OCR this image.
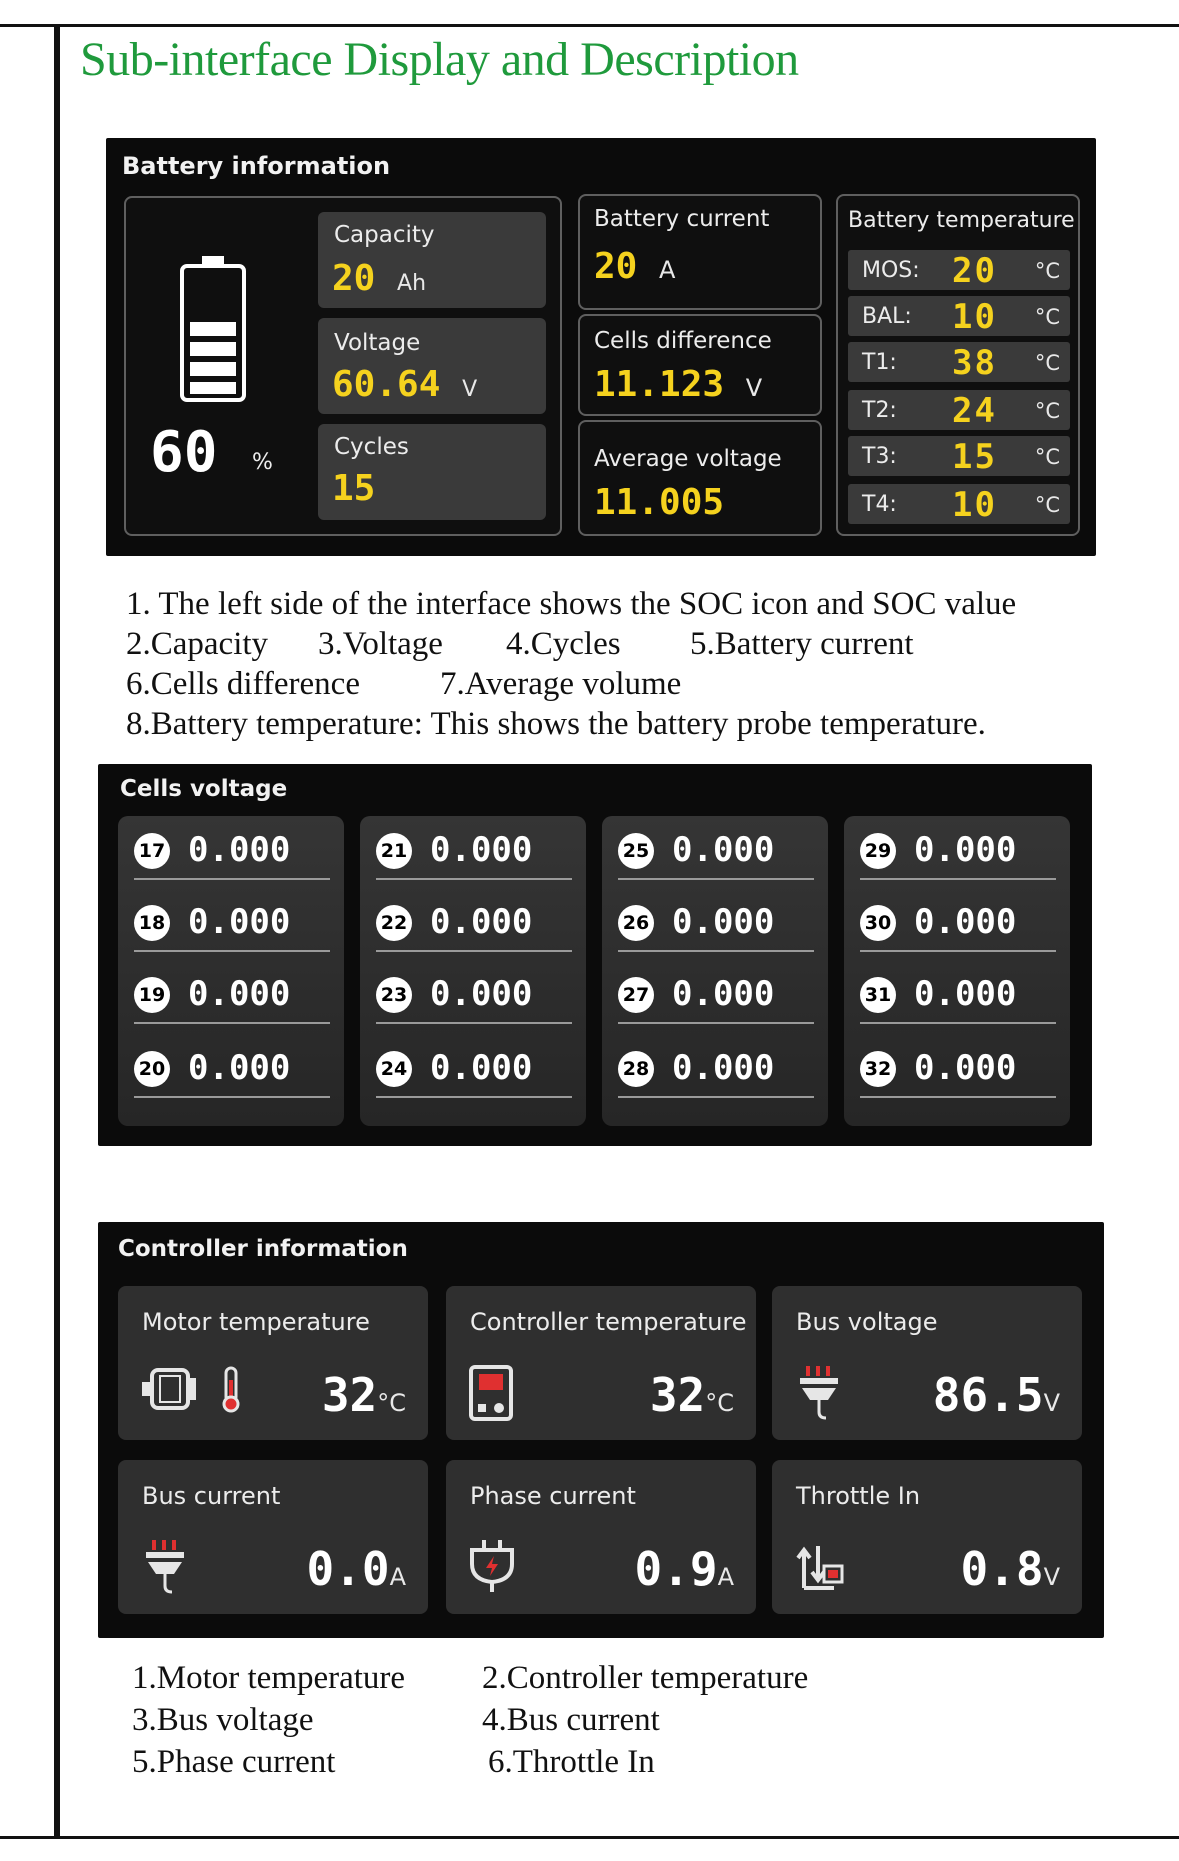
Sub-interface Display and Description
Battery information
60 %
Capacity
20 Ah
Voltage
60.64 V
Cycles
15
Battery current
20 A
Cells difference
11.123 V
Average voltage
11.005
Battery temperature
MOS: 20 °C
BAL: 10 °C
T1: 38 °C
T2: 24 °C
T3: 15 °C
T4: 10 °C
1. The left side of the interface shows the SOC icon and SOC value
2.Capacity 3.Voltage 4.Cycles 5.Battery current
6.Cells difference 7.Average volume
8.Battery temperature: This shows the battery probe temperature.
Cells voltage
17 0.000
18 0.000
19 0.000
20 0.000
21 0.000
22 0.000
23 0.000
24 0.000
25 0.000
26 0.000
27 0.000
28 0.000
29 0.000
30 0.000
31 0.000
32 0.000
Controller information
Motor temperature
32°C
Controller temperature
32°C
Bus voltage
86.5V
Bus current
0.0A
Phase current
0.9A
Throttle In
0.8V
1.Motor temperature 2.Controller temperature
3.Bus voltage	4.Bus current
5.Phase current	6.Throttle In
